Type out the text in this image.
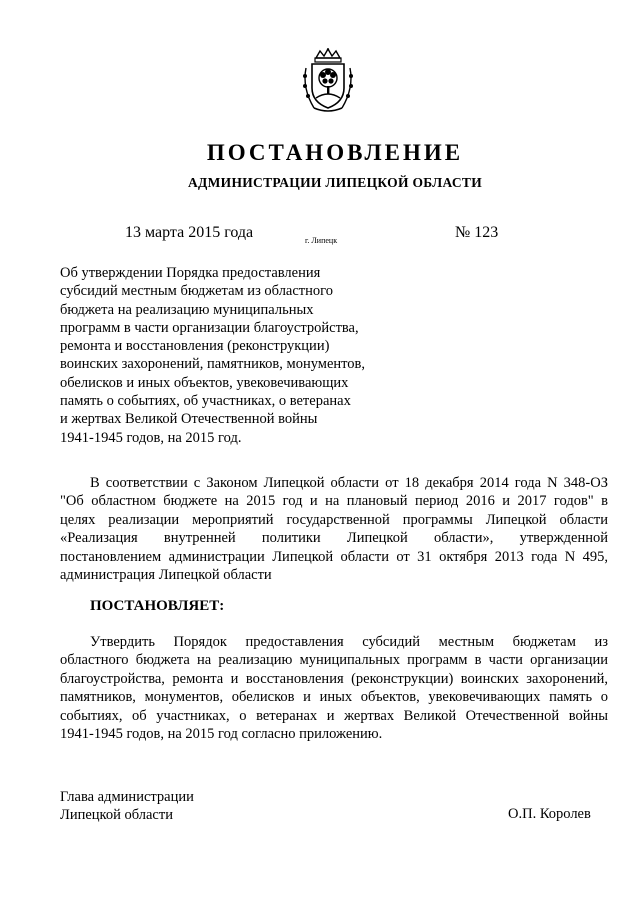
ПОСТАНОВЛЕНИЕ
АДМИНИСТРАЦИИ ЛИПЕЦКОЙ ОБЛАСТИ
13 марта 2015 года	г. Липецк	№ 123
Об утверждении Порядка предоставления
субсидий местным бюджетам из областного
бюджета на реализацию муниципальных
программ в части организации благоустройства,
ремонта и восстановления (реконструкции)
воинских захоронений, памятников, монументов,
обелисков и иных объектов, увековечивающих
память о событиях, об участниках, о ветеранах
и жертвах Великой Отечественной войны
1941-1945 годов, на 2015 год.
В соответствии с Законом Липецкой области от 18 декабря 2014 года N 348-ОЗ
"Об областном бюджете на 2015 год и на плановый период 2016 и 2017 годов" в
целях реализации мероприятий государственной программы Липецкой области
«Реализация внутренней политики Липецкой области», утвержденной
постановлением администрации Липецкой области от 31 октября 2013 года N 495,
администрация Липецкой области
ПОСТАНОВЛЯЕТ:
Утвердить Порядок предоставления субсидий местным бюджетам из
областного бюджета на реализацию муниципальных программ в части организации
благоустройства, ремонта и восстановления (реконструкции) воинских захоронений,
памятников, монументов, обелисков и иных объектов, увековечивающих память о
событиях, об участниках, о ветеранах и жертвах Великой Отечественной войны
1941-1945 годов, на 2015 год согласно приложению.
Глава администрации
Липецкой области	О.П. Королев
